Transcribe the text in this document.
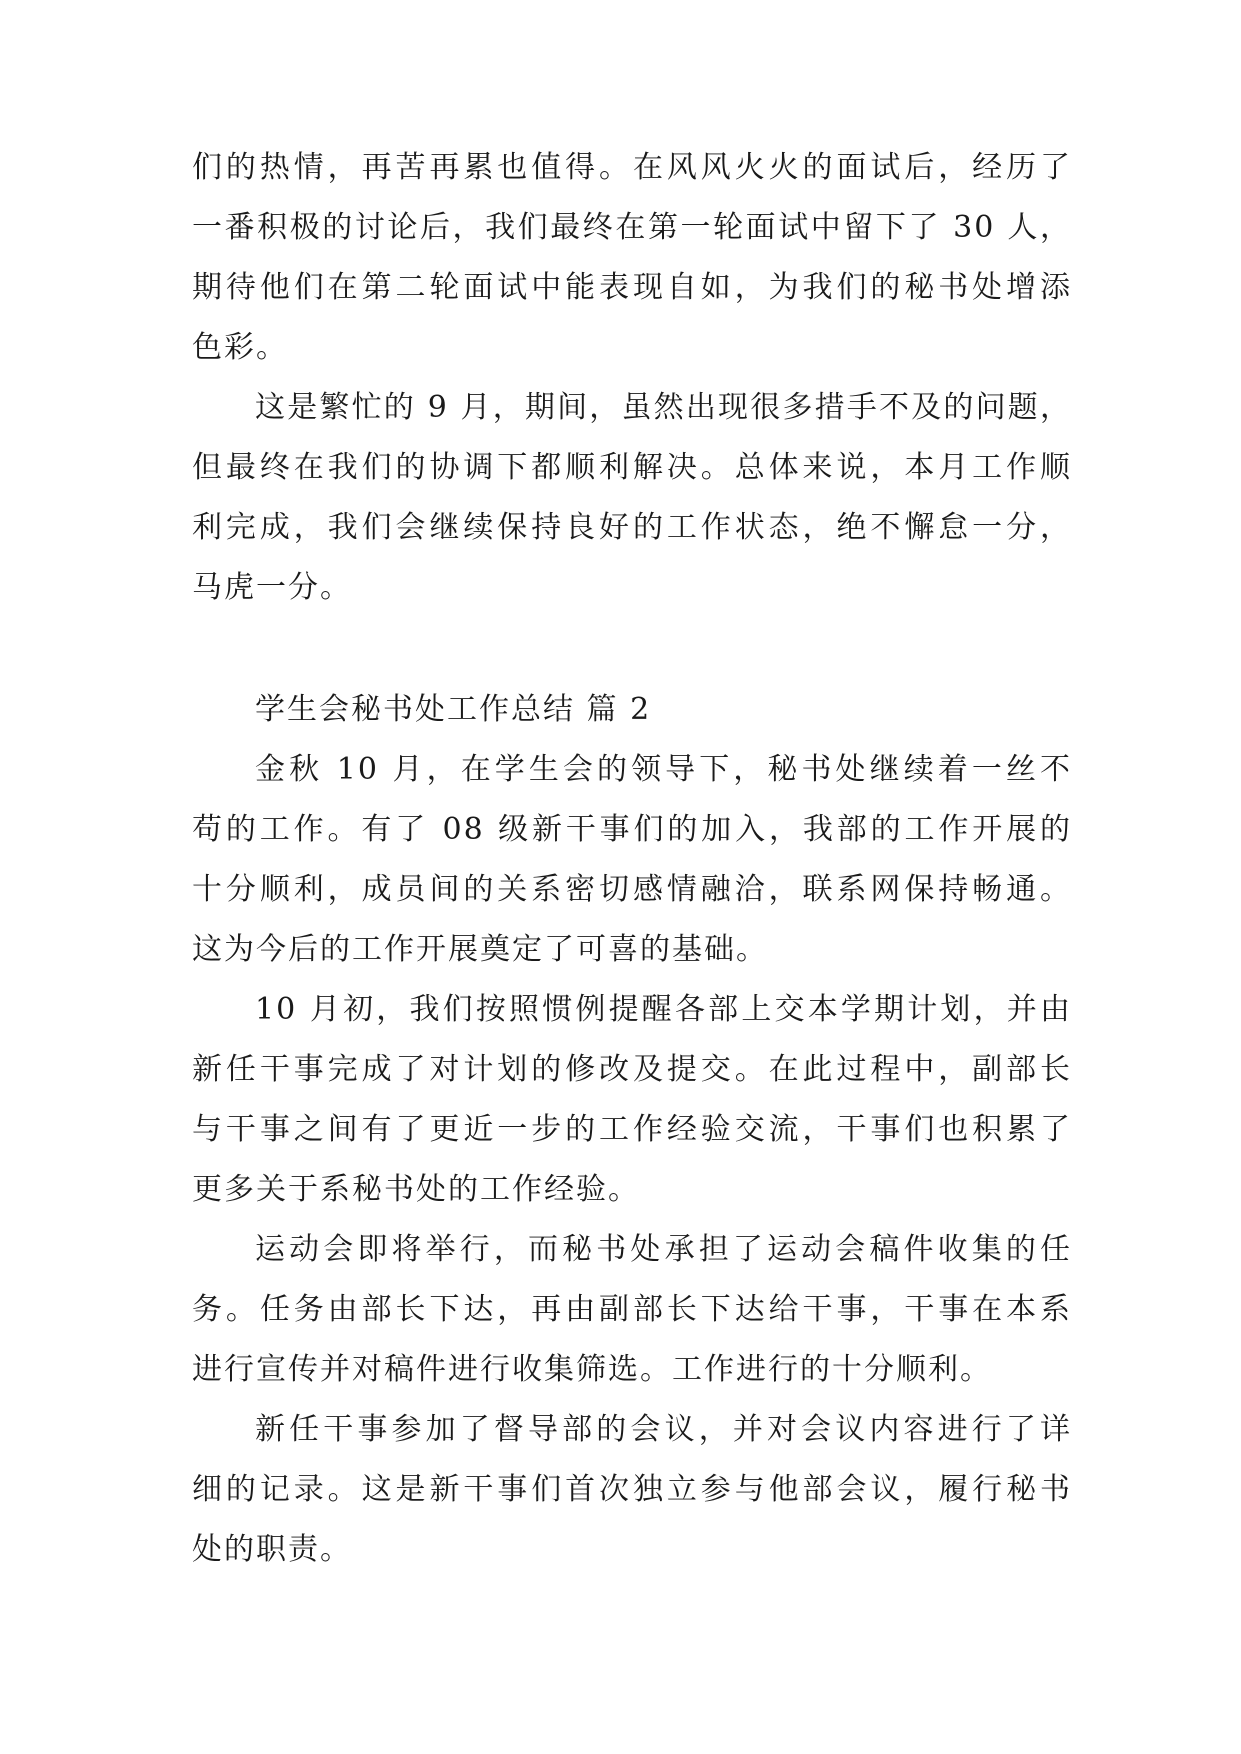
们的热情，再苦再累也值得。在风风火火的面试后，经历了
一番积极的讨论后，我们最终在第一轮面试中留下了 30 人，
期待他们在第二轮面试中能表现自如，为我们的秘书处增添
色彩。
这是繁忙的 9 月，期间，虽然出现很多措手不及的问题，
但最终在我们的协调下都顺利解决。总体来说，本月工作顺
利完成，我们会继续保持良好的工作状态，绝不懈怠一分，
马虎一分。
学生会秘书处工作总结 篇 2
金秋 10 月，在学生会的领导下，秘书处继续着一丝不
苟的工作。有了 08 级新干事们的加入，我部的工作开展的
十分顺利，成员间的关系密切感情融洽，联系网保持畅通。
这为今后的工作开展奠定了可喜的基础。
10 月初，我们按照惯例提醒各部上交本学期计划，并由
新任干事完成了对计划的修改及提交。在此过程中，副部长
与干事之间有了更近一步的工作经验交流，干事们也积累了
更多关于系秘书处的工作经验。
运动会即将举行，而秘书处承担了运动会稿件收集的任
务。任务由部长下达，再由副部长下达给干事，干事在本系
进行宣传并对稿件进行收集筛选。工作进行的十分顺利。
新任干事参加了督导部的会议，并对会议内容进行了详
细的记录。这是新干事们首次独立参与他部会议，履行秘书
处的职责。
